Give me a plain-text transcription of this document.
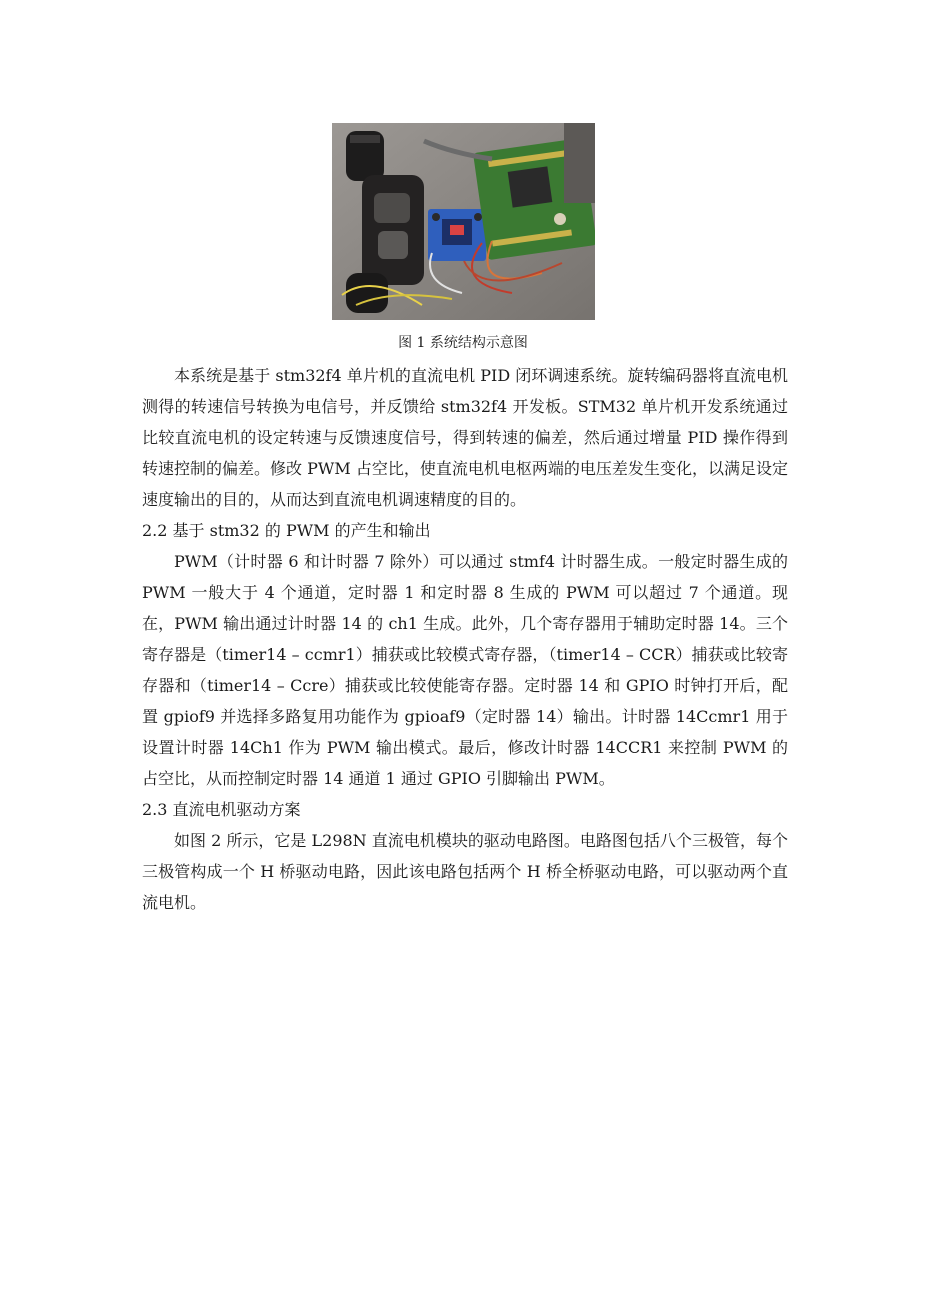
图 1 系统结构示意图

本系统是基于 stm32f4 单片机的直流电机 PID 闭环调速系统。旋转编码器将直流电机测得的转速信号转换为电信号，并反馈给 stm32f4 开发板。STM32 单片机开发系统通过比较直流电机的设定转速与反馈速度信号，得到转速的偏差，然后通过增量 PID 操作得到转速控制的偏差。修改 PWM 占空比，使直流电机电枢两端的电压差发生变化，以满足设定速度输出的目的，从而达到直流电机调速精度的目的。

2.2 基于 stm32 的 PWM 的产生和输出

PWM（计时器 6 和计时器 7 除外）可以通过 stmf4 计时器生成。一般定时器生成的 PWM 一般大于 4 个通道，定时器 1 和定时器 8 生成的 PWM 可以超过 7 个通道。现在，PWM 输出通过计时器 14 的 ch1 生成。此外，几个寄存器用于辅助定时器 14。三个寄存器是（timer14 – ccmr1）捕获或比较模式寄存器，（timer14 – CCR）捕获或比较寄存器和（timer14 – Ccre）捕获或比较使能寄存器。定时器 14 和 GPIO 时钟打开后，配置 gpiof9 并选择多路复用功能作为 gpioaf9（定时器 14）输出。计时器 14Ccmr1 用于设置计时器 14Ch1 作为 PWM 输出模式。最后，修改计时器 14CCR1 来控制 PWM 的占空比，从而控制定时器 14 通道 1 通过 GPIO 引脚输出 PWM。

2.3 直流电机驱动方案

如图 2 所示，它是 L298N 直流电机模块的驱动电路图。电路图包括八个三极管，每个三极管构成一个 H 桥驱动电路，因此该电路包括两个 H 桥全桥驱动电路，可以驱动两个直流电机。
